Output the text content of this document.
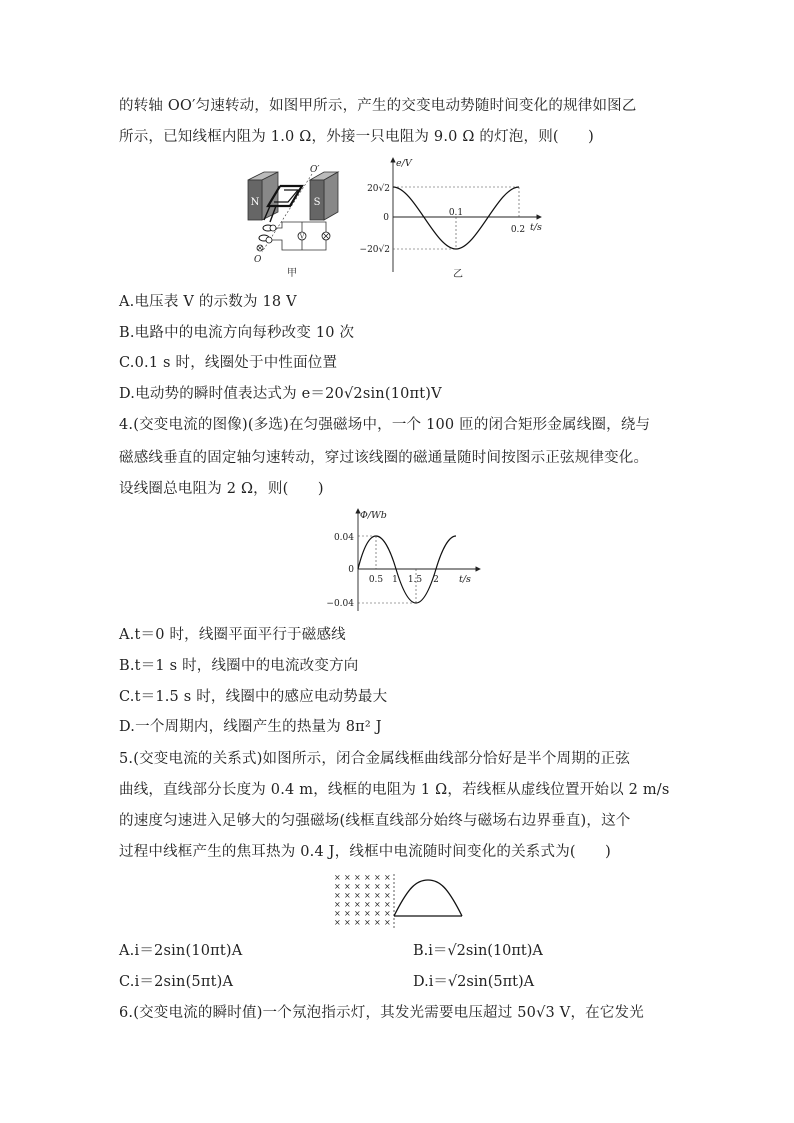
的转轴 OO′匀速转动，如图甲所示，产生的交变电动势随时间变化的规律如图乙
所示，已知线框内阻为 1.0 Ω，外接一只电阻为 9.0 Ω 的灯泡，则(　　)
N	S
O′
O
V
甲
e/V
t/s
20√2
0
−20√2
0.1
0.2
乙
A.电压表 V 的示数为 18 V
B.电路中的电流方向每秒改变 10 次
C.0.1 s 时，线圈处于中性面位置
D.电动势的瞬时值表达式为 e＝20√2sin(10πt)V
4.(交变电流的图像)(多选)在匀强磁场中，一个 100 匝的闭合矩形金属线圈，绕与
磁感线垂直的固定轴匀速转动，穿过该线圈的磁通量随时间按图示正弦规律变化。
设线圈总电阻为 2 Ω，则(　　)
Φ/Wb
t/s
0.04
0
−0.04
0.5 1 1.5 2
A.t＝0 时，线圈平面平行于磁感线
B.t＝1 s 时，线圈中的电流改变方向
C.t＝1.5 s 时，线圈中的感应电动势最大
D.一个周期内，线圈产生的热量为 8π² J
5.(交变电流的关系式)如图所示，闭合金属线框曲线部分恰好是半个周期的正弦
曲线，直线部分长度为 0.4 m，线框的电阻为 1 Ω，若线框从虚线位置开始以 2 m/s
的速度匀速进入足够大的匀强磁场(线框直线部分始终与磁场右边界垂直)，这个
过程中线框产生的焦耳热为 0.4 J，线框中电流随时间变化的关系式为(　　)
× × × × × ×
× × × × × ×
× × × × × ×
× × × × × ×
× × × × × ×
× × × × × ×
A.i＝2sin(10πt)A	B.i＝√2sin(10πt)A
C.i＝2sin(5πt)A	D.i＝√2sin(5πt)A
6.(交变电流的瞬时值)一个氖泡指示灯，其发光需要电压超过 50√3 V，在它发光
